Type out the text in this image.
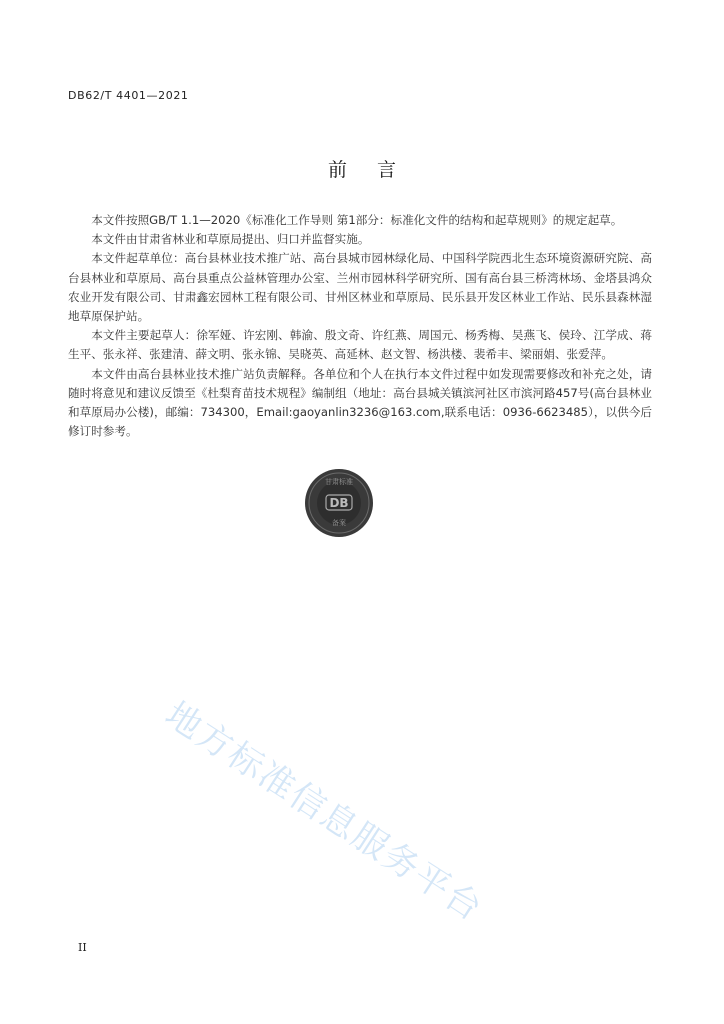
DB62/T 4401—2021
前言

本文件按照GB/T 1.1—2020《标准化工作导则 第1部分：标准化文件的结构和起草规则》的规定起草。

本文件由甘肃省林业和草原局提出、归口并监督实施。

本文件起草单位：高台县林业技术推广站、高台县城市园林绿化局、中国科学院西北生态环境资源研究院、高台县林业和草原局、高台县重点公益林管理办公室、兰州市园林科学研究所、国有高台县三桥湾林场、金塔县鸿众农业开发有限公司、甘肃鑫宏园林工程有限公司、甘州区林业和草原局、民乐县开发区林业工作站、民乐县森林湿地草原保护站。

本文件主要起草人：徐军娅、许宏刚、韩渝、殷文奇、许红燕、周国元、杨秀梅、吴燕飞、侯玲、江学成、蒋生平、张永祥、张建清、薛文明、张永锦、吴晓英、高延林、赵文智、杨洪楼、裴希丰、梁丽娟、张爱萍。

本文件由高台县林业技术推广站负责解释。各单位和个人在执行本文件过程中如发现需要修改和补充之处，请随时将意见和建议反馈至《杜梨育苗技术规程》编制组（地址：高台县城关镇滨河社区市滨河路457号(高台县林业和草原局办公楼)，邮编：734300，Email:gaoyanlin3236@163.com,联系电话：0936-6623485），以供今后修订时参考。

甘肃标准
DB
备案
地方标准信息服务平台
II
